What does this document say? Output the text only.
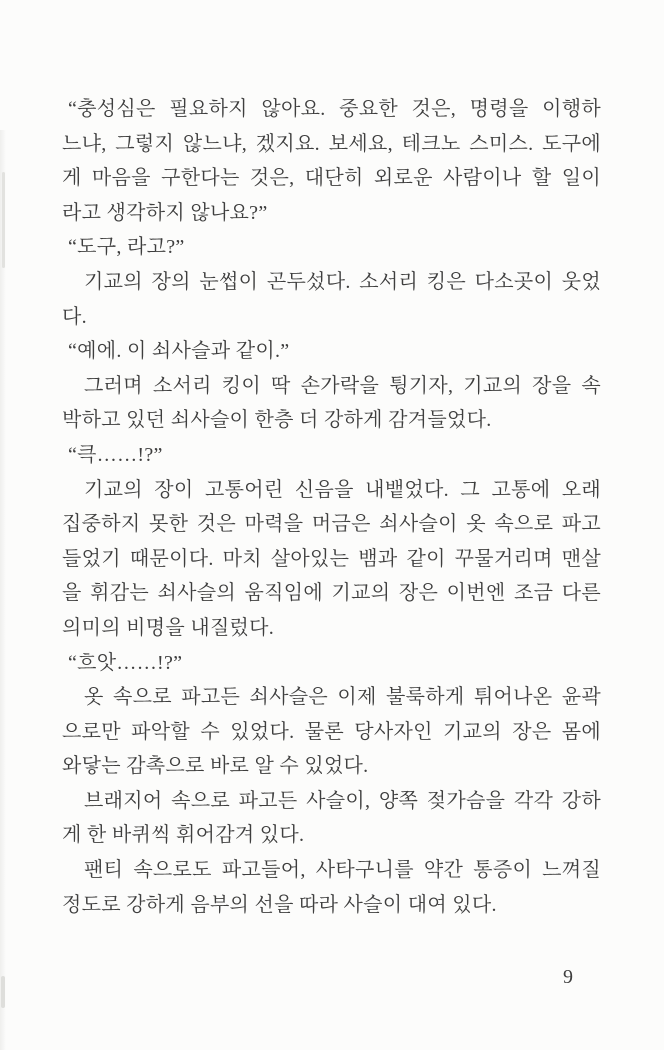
“충성심은 필요하지 않아요. 중요한 것은, 명령을 이행하
느냐, 그렇지 않느냐, 겠지요. 보세요, 테크노 스미스. 도구에
게 마음을 구한다는 것은, 대단히 외로운 사람이나 할 일이
라고 생각하지 않나요?”
“도구, 라고?”
기교의 장의 눈썹이 곤두섰다. 소서리 킹은 다소곳이 웃었
다.
“예에. 이 쇠사슬과 같이.”
그러며 소서리 킹이 딱 손가락을 튕기자, 기교의 장을 속
박하고 있던 쇠사슬이 한층 더 강하게 감겨들었다.
“큭……!?”
기교의 장이 고통어린 신음을 내뱉었다. 그 고통에 오래
집중하지 못한 것은 마력을 머금은 쇠사슬이 옷 속으로 파고
들었기 때문이다. 마치 살아있는 뱀과 같이 꾸물거리며 맨살
을 휘감는 쇠사슬의 움직임에 기교의 장은 이번엔 조금 다른
의미의 비명을 내질렀다.
“흐앗……!?”
옷 속으로 파고든 쇠사슬은 이제 불룩하게 튀어나온 윤곽
으로만 파악할 수 있었다. 물론 당사자인 기교의 장은 몸에
와닿는 감촉으로 바로 알 수 있었다.
브래지어 속으로 파고든 사슬이, 양쪽 젖가슴을 각각 강하
게 한 바퀴씩 휘어감겨 있다.
팬티 속으로도 파고들어, 사타구니를 약간 통증이 느껴질
정도로 강하게 음부의 선을 따라 사슬이 대여 있다.
9
